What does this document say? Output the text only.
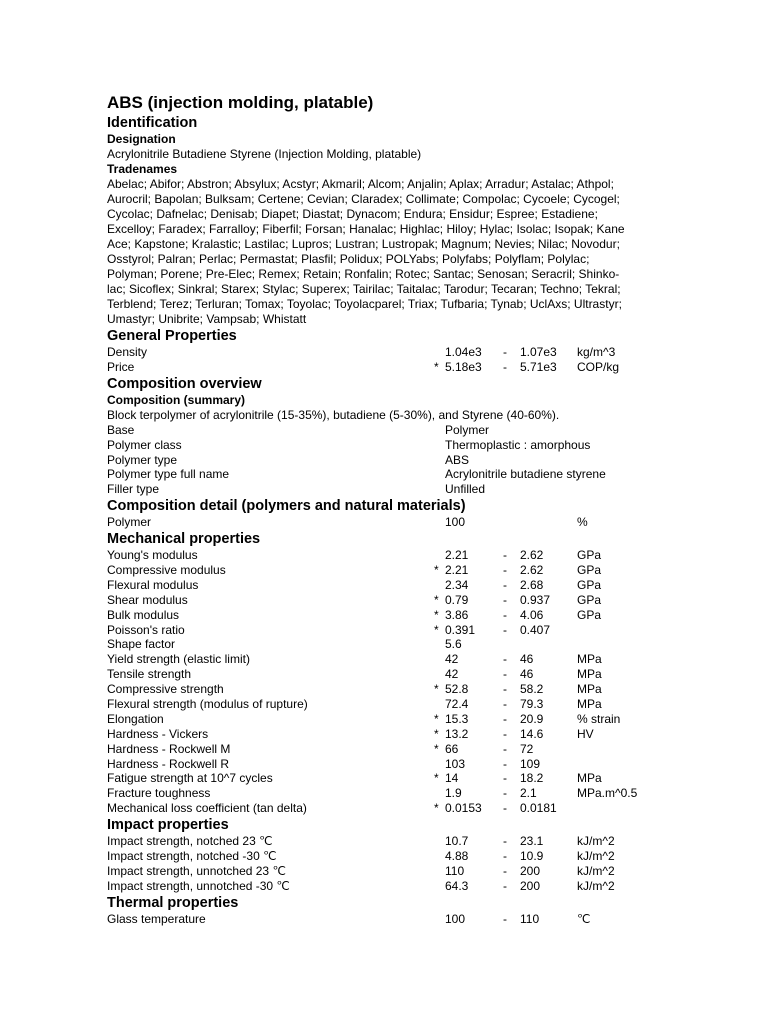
ABS (injection molding, platable)
Identification
Designation
Acrylonitrile Butadiene Styrene (Injection Molding, platable)
Tradenames
Abelac; Abifor; Abstron; Absylux; Acstyr; Akmaril; Alcom; Anjalin; Aplax; Arradur; Astalac; Athpol;
Aurocril; Bapolan; Bulksam; Certene; Cevian; Claradex; Collimate; Compolac; Cycoele; Cycogel;
Cycolac; Dafnelac; Denisab; Diapet; Diastat; Dynacom; Endura; Ensidur; Espree; Estadiene;
Excelloy; Faradex; Farralloy; Fiberfil; Forsan; Hanalac; Highlac; Hiloy; Hylac; Isolac; Isopak; Kane
Ace; Kapstone; Kralastic; Lastilac; Lupros; Lustran; Lustropak; Magnum; Nevies; Nilac; Novodur;
Osstyrol; Palran; Perlac; Permastat; Plasfil; Polidux; POLYabs; Polyfabs; Polyflam; Polylac;
Polyman; Porene; Pre-Elec; Remex; Retain; Ronfalin; Rotec; Santac; Senosan; Seracril; Shinko-
lac; Sicoflex; Sinkral; Starex; Stylac; Superex; Tairilac; Taitalac; Tarodur; Tecaran; Techno; Tekral;
Terblend; Terez; Terluran; Tomax; Toyolac; Toyolacparel; Triax; Tufbaria; Tynab; UclAxs; Ultrastyr;
Umastyr; Unibrite; Vampsab; Whistatt
General Properties
Density	1.04e3 - 1.07e3 kg/m^3
Price	* 5.18e3 - 5.71e3 COP/kg
Composition overview
Composition (summary)
Block terpolymer of acrylonitrile (15-35%), butadiene (5-30%), and Styrene (40-60%).
Base	Polymer
Polymer class	Thermoplastic : amorphous
Polymer type	ABS
Polymer type full name	Acrylonitrile butadiene styrene
Filler type	Unfilled
Composition detail (polymers and natural materials)
Polymer	100	%
Mechanical properties
Young's modulus	2.21	- 2.62	GPa
Compressive modulus	* 2.21	- 2.62	GPa
Flexural modulus	2.34	- 2.68	GPa
Shear modulus	* 0.79	- 0.937 GPa
Bulk modulus	* 3.86	- 4.06	GPa
Poisson's ratio	* 0.391 - 0.407
Shape factor	5.6
Yield strength (elastic limit)	42	- 46	MPa
Tensile strength	42	- 46	MPa
Compressive strength	* 52.8	- 58.2	MPa
Flexural strength (modulus of rupture)	72.4	- 79.3	MPa
Elongation	* 15.3	- 20.9	% strain
Hardness - Vickers	* 13.2	- 14.6	HV
Hardness - Rockwell M	* 66	- 72
Hardness - Rockwell R	103	- 109
Fatigue strength at 10^7 cycles	* 14	- 18.2	MPa
Fracture toughness	1.9	- 2.1	MPa.m^0.5
Mechanical loss coefficient (tan delta)	* 0.0153 - 0.0181
Impact properties
Impact strength, notched 23 ℃	10.7	- 23.1	kJ/m^2
Impact strength, notched -30 ℃	4.88	- 10.9	kJ/m^2
Impact strength, unnotched 23 ℃	110	- 200	kJ/m^2
Impact strength, unnotched -30 ℃	64.3	- 200	kJ/m^2
Thermal properties
Glass temperature	100	- 110	℃
